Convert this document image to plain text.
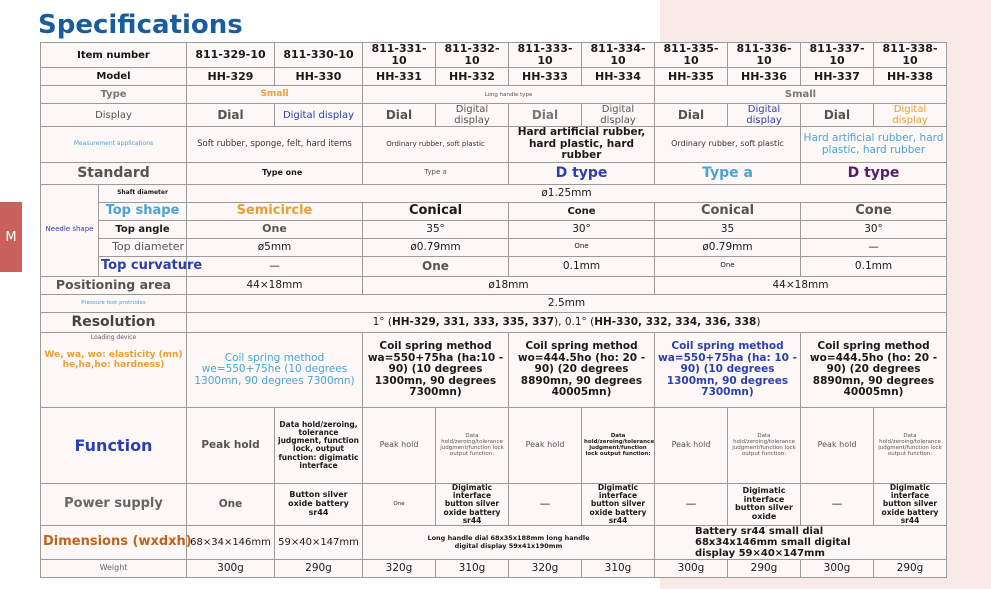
M
Specifications
Item number		811-329-10	811-330-10	811-331-10	811-332-10	811-333-10	811-334-10	811-335-10	811-336-10	811-337-10	811-338-10
Model		HH-329	HH-330	HH-331	HH-332	HH-333	HH-334	HH-335	HH-336	HH-337	HH-338
Type		Small		Long handle type				Small			
Display		Dial	Digital display	Dial	Digital display	Dial	Digital display	Dial	Digital display	Dial	Digital display
Measurement applications		Soft rubber, sponge, felt, hard items		Ordinary rubber, soft plastic		Hard artificial rubber, hard plastic, hard rubber		Ordinary rubber, soft plastic		Hard artificial rubber, hard plastic, hard rubber	
Standard		Type one		Type a		D type		Type a		D type	
Needle shape	Shaft diameter	ø1.25mm									
	Top shape	Semicircle		Conical		Cone		Conical		Cone	
	Top angle	One		35°		30°		35		30°	
	Top diameter	ø5mm		ø0.79mm		One		ø0.79mm		—	
	Top curvature	—		One		0.1mm		One		0.1mm	
Positioning area		44×18mm		ø18mm				44×18mm			
Pressure foot protrudes		2.5mm									
Resolution		1° (HH-329, 331, 333, 335, 337), 0.1° (HH-330, 332, 334, 336, 338)									

Loading device
We, wa, wo: elasticity (mn) he,ha,ho: hardness)		Coil spring method we=550+75he (10 degrees 1300mn, 90 degrees 7300mn)		Coil spring method wa=550+75ha (ha:10 - 90) (10 degrees 1300mn, 90 degrees 7300mn)		Coil spring method wo=444.5ho (ho: 20 - 90) (20 degrees 8890mn, 90 degrees 40005mn)		Coil spring method wa=550+75ha (ha: 10 - 90) (10 degrees 1300mn, 90 degrees 7300mn)		Coil spring method wo=444.5ho (ho: 20 - 90) (20 degrees 8890mn, 90 degrees 40005mn)	
Function		Peak hold	Data hold/zeroing, tolerance judgment, function lock, output function: digimatic interface	Peak hold	Data hold/zeroing/tolerance judgment/function lock output function:	Peak hold	Data hold/zeroing/tolerance judgment/function lock output function:	Peak hold	Data hold/zeroing/tolerance judgment/function lock output function:	Peak hold	Data hold/zeroing/tolerance judgment/function lock output function:
Power supply		One	Button silver oxide battery sr44	One	Digimatic interface button silver oxide battery sr44	—	Digimatic interface button silver oxide battery sr44	—	Digimatic interface button silver oxide	—	Digimatic interface button silver oxide battery sr44
Dimensions (wxdxh)		68×34×146mm	59×40×147mm	Long handle dial 68x35x188mm long handle digital display 59x41x190mm				Battery sr44 small dial 68x34x146mm small digital display 59×40×147mm			
Weight		300g	290g	320g	310g	320g	310g	300g	290g	300g	290g
